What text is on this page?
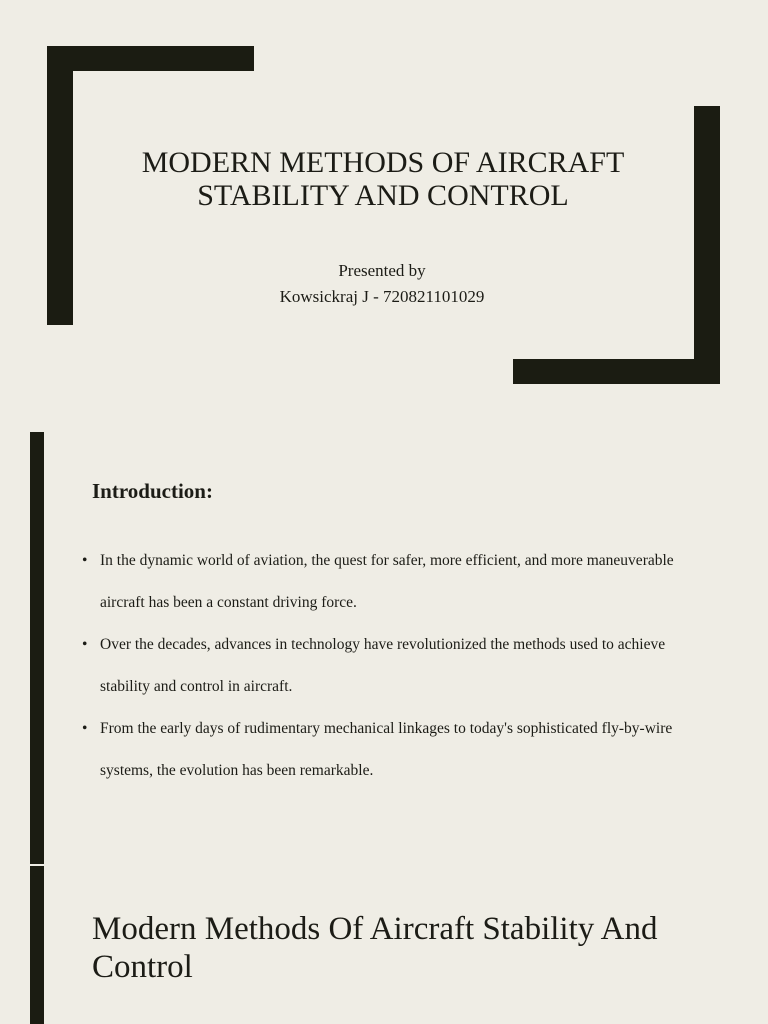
MODERN METHODS OF AIRCRAFT STABILITY AND CONTROL
Presented by
Kowsickraj J - 720821101029
Introduction:
• In the dynamic world of aviation, the quest for safer, more efficient, and more maneuverable aircraft has been a constant driving force.
• Over the decades, advances in technology have revolutionized the methods used to achieve stability and control in aircraft.
• From the early days of rudimentary mechanical linkages to today's sophisticated fly-by-wire systems, the evolution has been remarkable.
Modern Methods Of Aircraft Stability And Control
